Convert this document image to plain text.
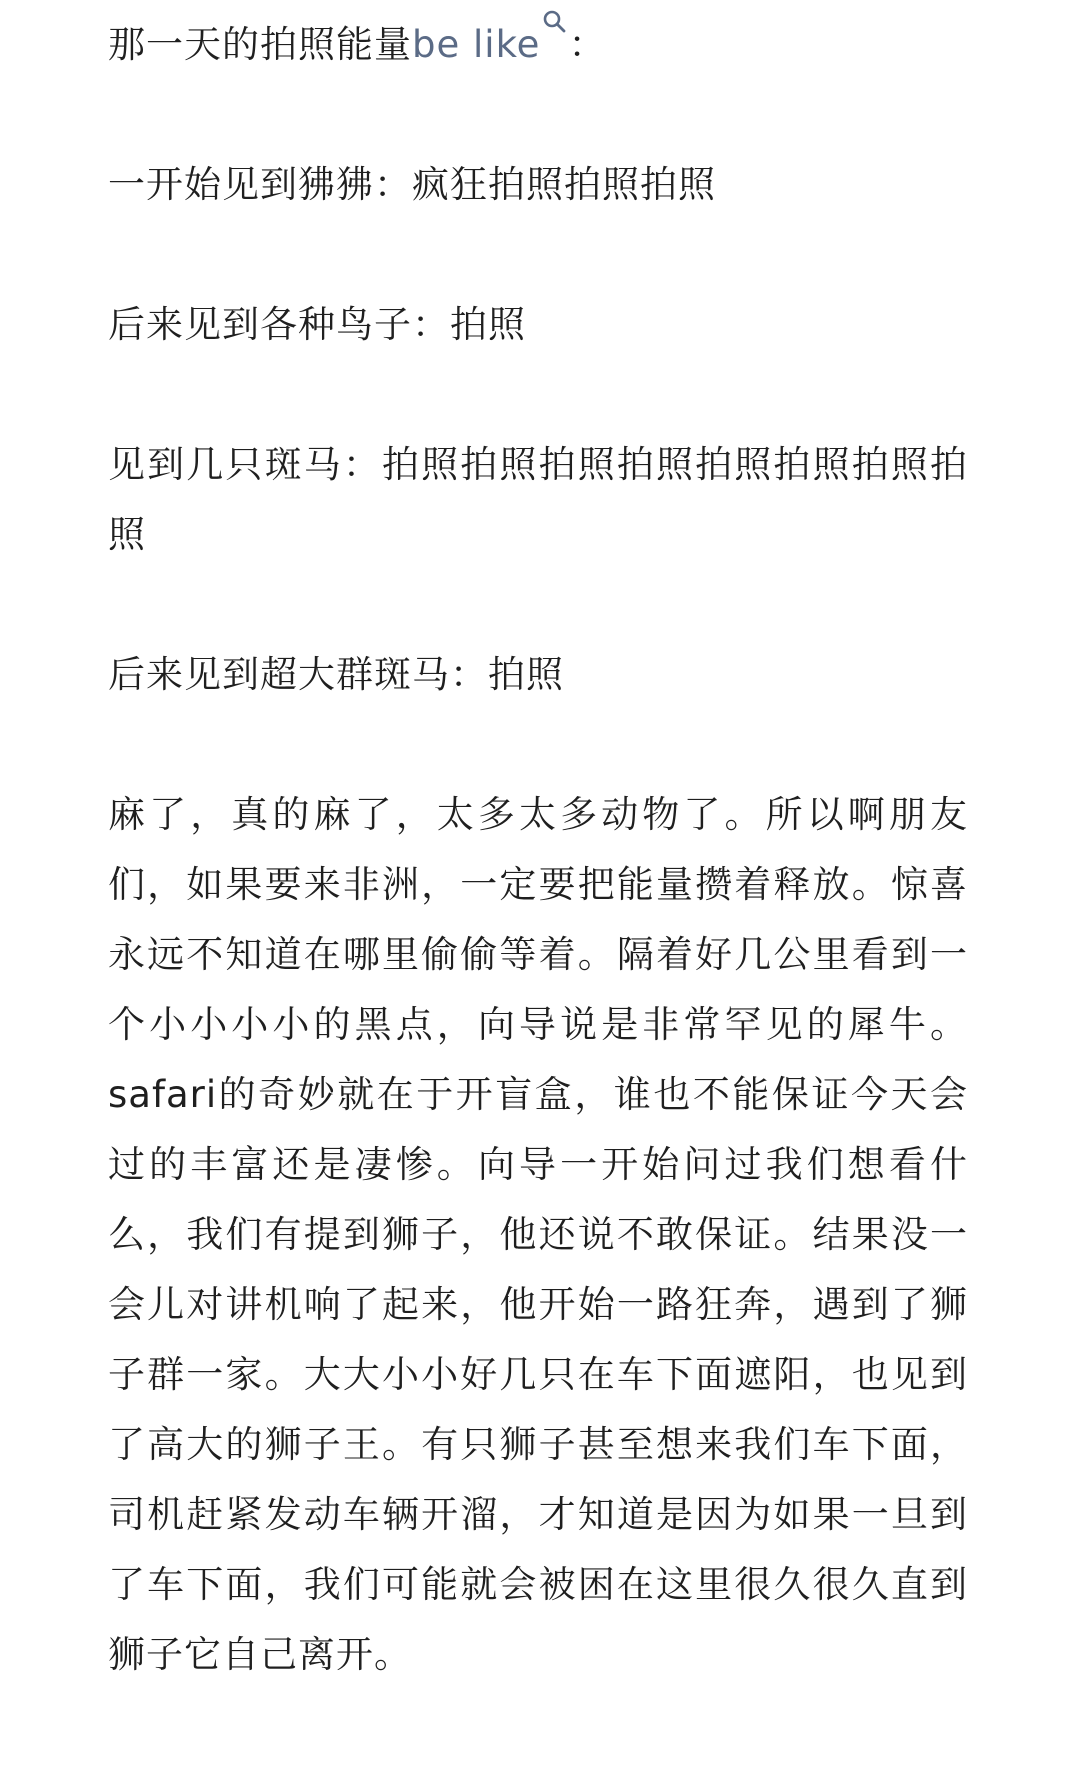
那一天的拍照能量be like ：

一开始见到狒狒：疯狂拍照拍照拍照

后来见到各种鸟子：拍照

见到几只斑马：拍照拍照拍照拍照拍照拍照拍照拍照

后来见到超大群斑马：拍照

麻了，真的麻了，太多太多动物了。所以啊朋友们，如果要来非洲，一定要把能量攒着释放。惊喜永远不知道在哪里偷偷等着。隔着好几公里看到一个小小小小的黑点，向导说是非常罕见的犀牛。safari的奇妙就在于开盲盒，谁也不能保证今天会过的丰富还是凄惨。向导一开始问过我们想看什么，我们有提到狮子，他还说不敢保证。结果没一会儿对讲机响了起来，他开始一路狂奔，遇到了狮子群一家。大大小小好几只在车下面遮阳，也见到了高大的狮子王。有只狮子甚至想来我们车下面，司机赶紧发动车辆开溜，才知道是因为如果一旦到了车下面，我们可能就会被困在这里很久很久直到狮子它自己离开。
